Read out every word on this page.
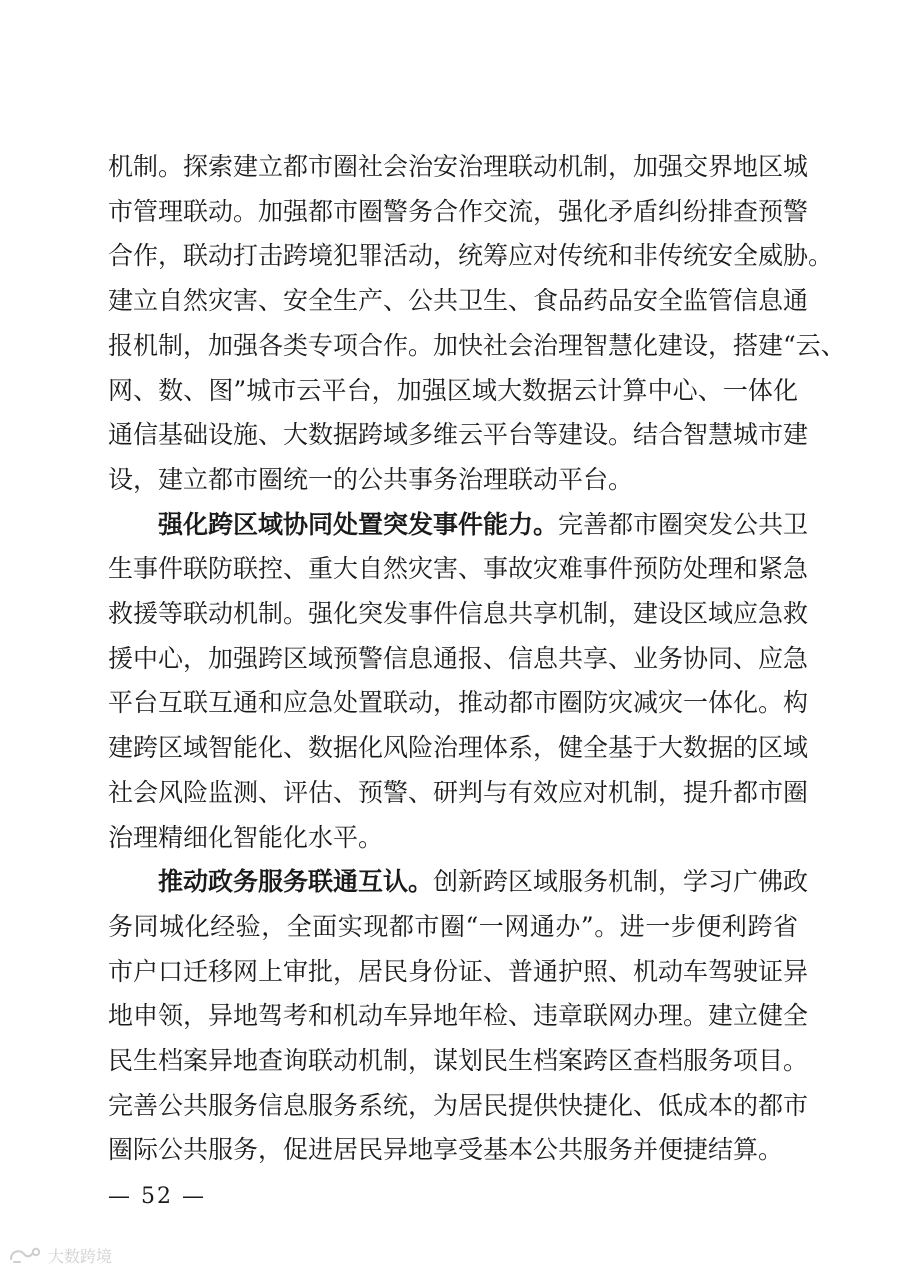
机制。探索建立都市圈社会治安治理联动机制，加强交界地区城
市管理联动。加强都市圈警务合作交流，强化矛盾纠纷排查预警
合作，联动打击跨境犯罪活动，统筹应对传统和非传统安全威胁。
建立自然灾害、安全生产、公共卫生、食品药品安全监管信息通
报机制，加强各类专项合作。加快社会治理智慧化建设，搭建“云、
网、数、图”城市云平台，加强区域大数据云计算中心、一体化
通信基础设施、大数据跨域多维云平台等建设。结合智慧城市建
设，建立都市圈统一的公共事务治理联动平台。

强化跨区域协同处置突发事件能力。完善都市圈突发公共卫
生事件联防联控、重大自然灾害、事故灾难事件预防处理和紧急
救援等联动机制。强化突发事件信息共享机制，建设区域应急救
援中心，加强跨区域预警信息通报、信息共享、业务协同、应急
平台互联互通和应急处置联动，推动都市圈防灾减灾一体化。构
建跨区域智能化、数据化风险治理体系，健全基于大数据的区域
社会风险监测、评估、预警、研判与有效应对机制，提升都市圈
治理精细化智能化水平。

推动政务服务联通互认。创新跨区域服务机制，学习广佛政
务同城化经验，全面实现都市圈“一网通办”。进一步便利跨省
市户口迁移网上审批，居民身份证、普通护照、机动车驾驶证异
地申领，异地驾考和机动车异地年检、违章联网办理。建立健全
民生档案异地查询联动机制，谋划民生档案跨区查档服务项目。
完善公共服务信息服务系统，为居民提供快捷化、低成本的都市
圈际公共服务，促进居民异地享受基本公共服务并便捷结算。

— 52 —
大数跨境
